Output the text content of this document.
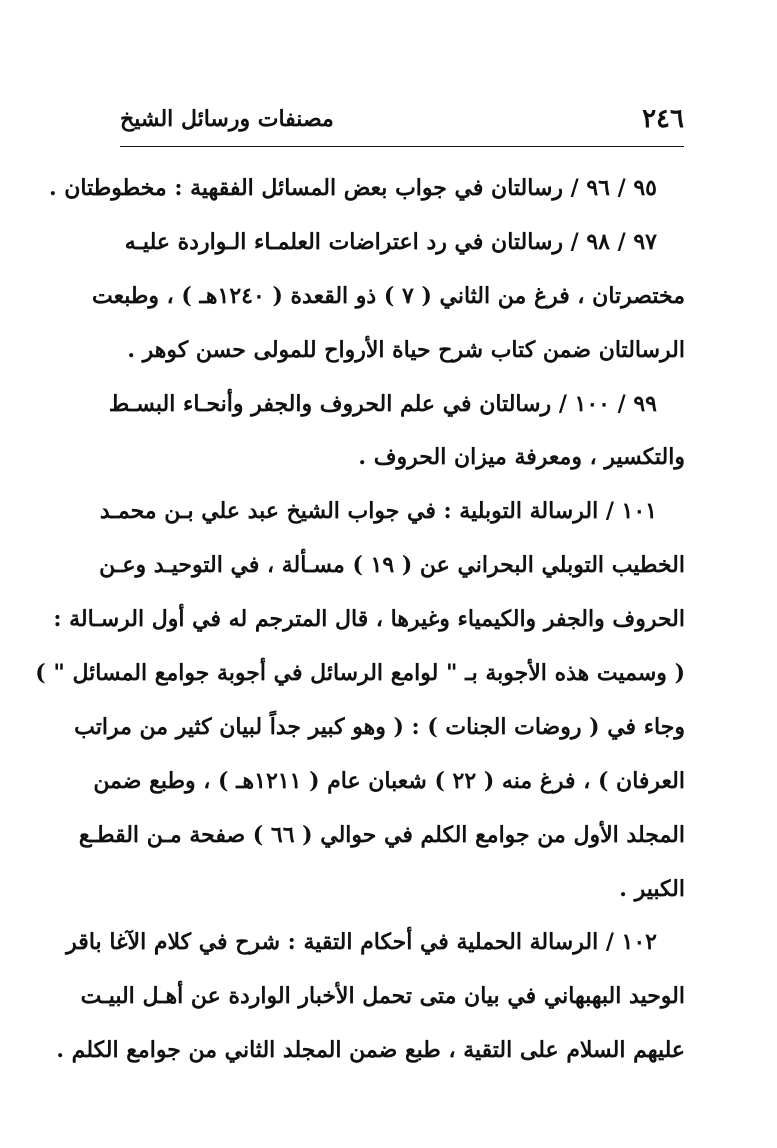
٢٤٦
مصنفات ورسائل الشيخ
٩٥ / ٩٦ / رسالتان في جواب بعض المسائل الفقهية : مخطوطتان .
٩٧ / ٩٨ / رسالتان في رد اعتراضات العلمـاء الـواردة عليـه
مختصرتان ، فرغ من الثاني ( ٧ ) ذو القعدة ( ١٢٤٠هـ ) ، وطبعت
الرسالتان ضمن كتاب شرح حياة الأرواح للمولى حسن كوهر .
٩٩ / ١٠٠ / رسالتان في علم الحروف والجفر وأنحـاء البسـط
والتكسير ، ومعرفة ميزان الحروف .
١٠١ / الرسالة التوبلية : في جواب الشيخ عبد علي بـن محمـد
الخطيب التوبلي البحراني عن ( ١٩ ) مسـألة ، في التوحيـد وعـن
الحروف والجفر والكيمياء وغيرها ، قال المترجم له في أول الرسـالة :
( وسميت هذه الأجوبة بـ " لوامع الرسائل في أجوبة جوامع المسائل " )
وجاء في ( روضات الجنات ) : ( وهو كبير جداً لبيان كثير من مراتب
العرفان ) ، فرغ منه ( ٢٢ ) شعبان عام ( ١٢١١هـ ) ، وطبع ضمن
المجلد الأول من جوامع الكلم في حوالي ( ٦٦ ) صفحة مـن القطـع
الكبير .
١٠٢ / الرسالة الحملية في أحكام التقية : شرح في كلام الآغا باقر
الوحيد البهبهاني في بيان متى تحمل الأخبار الواردة عن أهـل البيـت
عليهم السلام على التقية ، طبع ضمن المجلد الثاني من جوامع الكلم .
